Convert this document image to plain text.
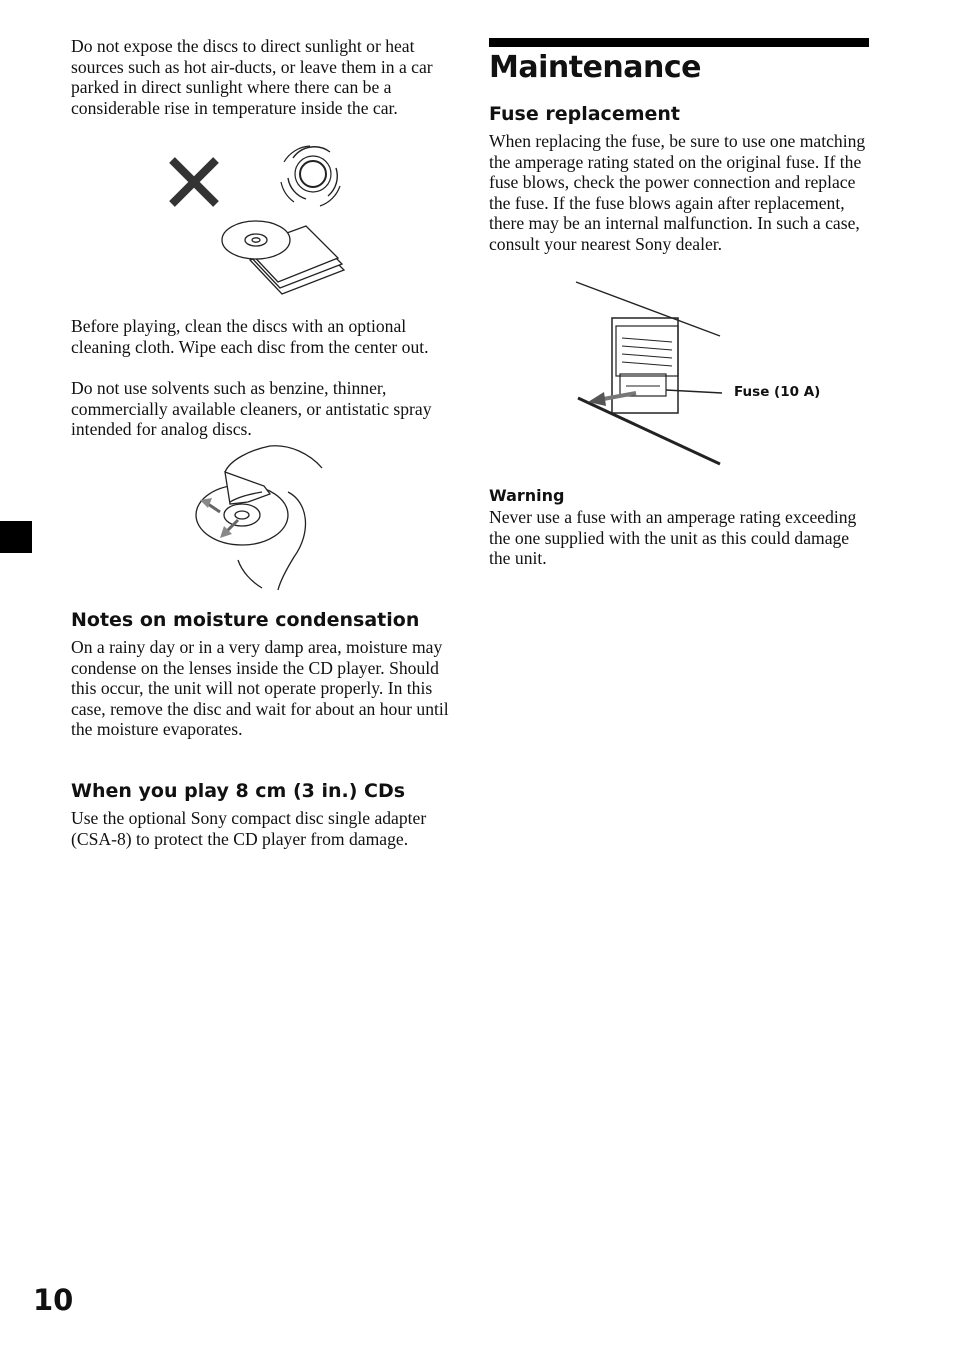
Do not expose the discs to direct sunlight or heat sources such as hot air-ducts, or leave them in a car parked in direct sunlight where there can be a considerable rise in temperature inside the car.

Before playing, clean the discs with an optional cleaning cloth. Wipe each disc from the center out.

Do not use solvents such as benzine, thinner, commercially available cleaners, or antistatic spray intended for analog discs.

Notes on moisture condensation

On a rainy day or in a very damp area, moisture may condense on the lenses inside the CD player. Should this occur, the unit will not operate properly. In this case, remove the disc and wait for about an hour until the moisture evaporates.

When you play 8 cm (3 in.) CDs

Use the optional Sony compact disc single adapter (CSA-8) to protect the CD player from damage.

Maintenance
Fuse replacement

When replacing the fuse, be sure to use one matching the amperage rating stated on the original fuse. If the fuse blows, check the power connection and replace the fuse. If the fuse blows again after replacement, there may be an internal malfunction. In such a case, consult your nearest Sony dealer.

Fuse (10 A)
Warning

Never use a fuse with an amperage rating exceeding the one supplied with the unit as this could damage the unit.

10
